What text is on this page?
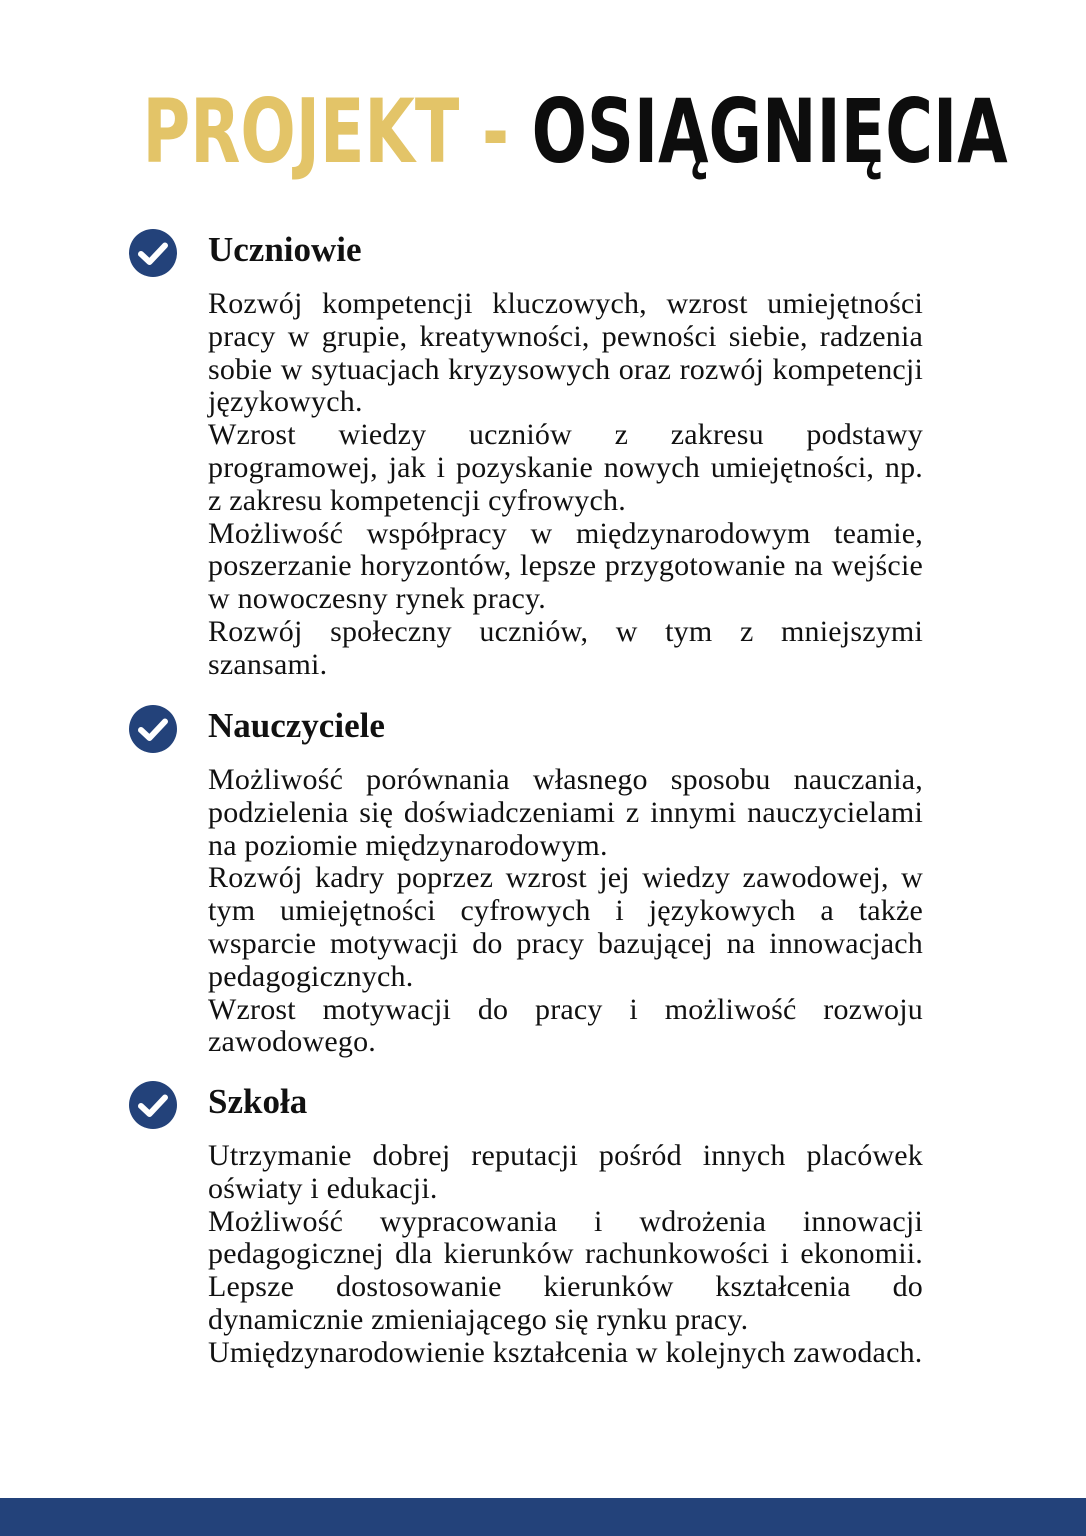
PROJEKT - OSIĄGNIĘCIA
Uczniowie

Rozwój kompetencji kluczowych, wzrost umiejętności pracy w grupie, kreatywności, pewności siebie, radzenia sobie w sytuacjach kryzysowych oraz rozwój kompetencji językowych.

Wzrost wiedzy uczniów z zakresu podstawy programowej, jak i pozyskanie nowych umiejętności, np. z zakresu kompetencji cyfrowych.

Możliwość współpracy w międzynarodowym teamie, poszerzanie horyzontów, lepsze przygotowanie na wejście w nowoczesny rynek pracy.

Rozwój społeczny uczniów, w tym z mniejszymi szansami.

Nauczyciele

Możliwość porównania własnego sposobu nauczania, podzielenia się doświadczeniami z innymi nauczycielami na poziomie międzynarodowym.

Rozwój kadry poprzez wzrost jej wiedzy zawodowej, w tym umiejętności cyfrowych i językowych a także wsparcie motywacji do pracy bazującej na innowacjach pedagogicznych.

Wzrost motywacji do pracy i możliwość rozwoju zawodowego.

Szkoła

Utrzymanie dobrej reputacji pośród innych placówek oświaty i edukacji.

Możliwość wypracowania i wdrożenia innowacji pedagogicznej dla kierunków rachunkowości i ekonomii. Lepsze dostosowanie kierunków kształcenia do dynamicznie zmieniającego się rynku pracy.

Umiędzynarodowienie kształcenia w kolejnych zawodach.
